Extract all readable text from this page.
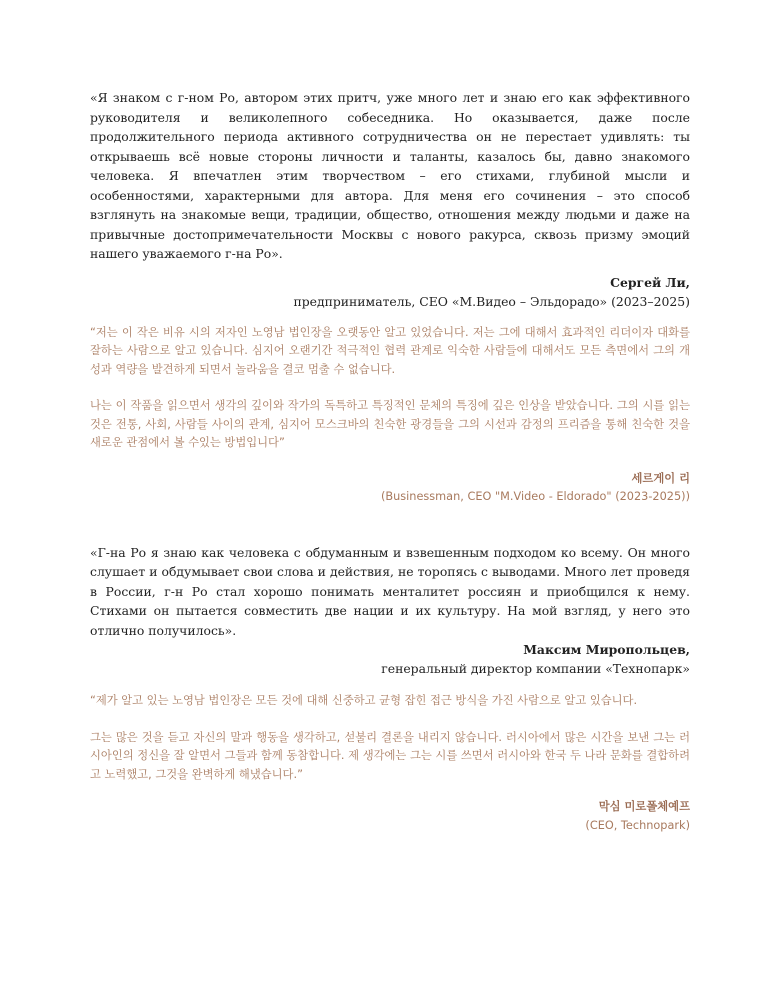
«Я знаком с г-ном Ро, автором этих притч, уже много лет и знаю его как эффективного руководителя и великолепного собеседника. Но оказывается, даже после продолжительного периода активного сотрудничества он не перестает удивлять: ты открываешь всё новые стороны личности и таланты, казалось бы, давно знакомого человека. Я впечатлен этим творчеством – его стихами, глубиной мысли и особенностями, характерными для автора. Для меня его сочинения – это способ взглянуть на знакомые вещи, традиции, общество, отношения между людьми и даже на привычные достопримечательности Москвы с нового ракурса, сквозь призму эмоций нашего уважаемого г-на Ро».

Сергей Ли,
предприниматель, CEO «М.Видео – Эльдорадо» (2023–2025)

“저는 이 작은 비유 시의 저자인 노영남 법인장을 오랫동안 알고 있었습니다. 저는 그에 대해서 효과적인 리더이자 대화를 잘하는 사람으로 알고 있습니다. 심지어 오랜기간 적극적인 협력 관계로 익숙한 사람들에 대해서도 모든 측면에서 그의 개성과 역량을 발견하게 되면서 놀라움을 결코 멈출 수 없습니다.

나는 이 작품을 읽으면서 생각의 깊이와 작가의 독특하고 특징적인 문체의 특징에 깊은 인상을 받았습니다. 그의 시를 읽는 것은 전통, 사회, 사람들 사이의 관계, 심지어 모스크바의 친숙한 광경들을 그의 시선과 감정의 프리즘을 통해 친숙한 것을 새로운 관점에서 볼 수있는 방법입니다”

세르게이 리
(Businessman, CEO "M.Video - Eldorado" (2023-2025))

«Г-на Ро я знаю как человека с обдуманным и взвешенным подходом ко всему. Он много слушает и обдумывает свои слова и действия, не торопясь с выводами. Много лет проведя в России, г-н Ро стал хорошо понимать менталитет россиян и приобщился к нему. Стихами он пытается совместить две нации и их культуру. На мой взгляд, у него это отлично получилось».

Максим Миропольцев,
генеральный директор компании «Технопарк»

“제가 알고 있는 노영남 법인장은 모든 것에 대해 신중하고 균형 잡힌 접근 방식을 가진 사람으로 알고 있습니다.

그는 많은 것을 듣고 자신의 말과 행동을 생각하고, 섣불리 결론을 내리지 않습니다. 러시아에서 많은 시간을 보낸 그는 러시아인의 정신을 잘 알면서 그들과 함께 동참합니다. 제 생각에는 그는 시를 쓰면서 러시아와 한국 두 나라 문화를 결합하려고 노력했고, 그것을 완벽하게 해냈습니다.”

막심 미로폴체예프
(CEO, Technopark)
